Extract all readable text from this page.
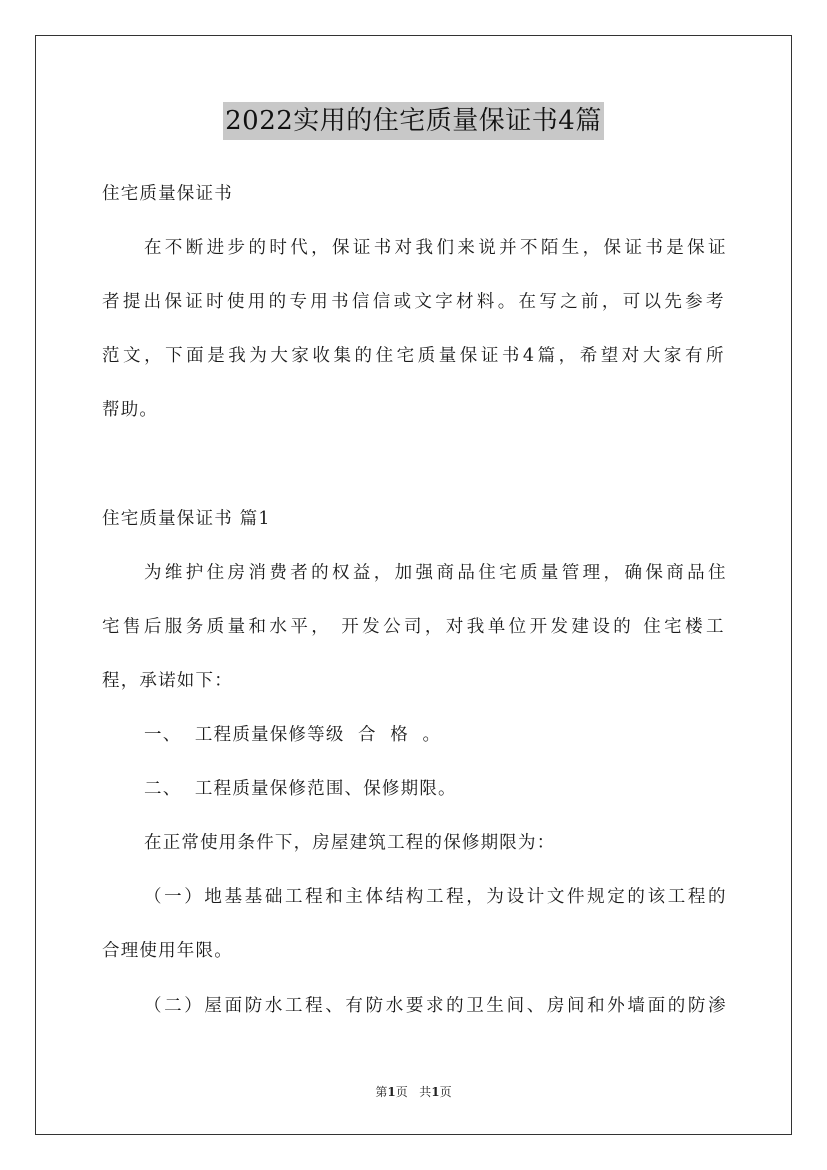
2022实用的住宅质量保证书4篇
住宅质量保证书
在不断进步的时代，保证书对我们来说并不陌生，保证书是保证
者提出保证时使用的专用书信信或文字材料。在写之前，可以先参考
范文，下面是我为大家收集的住宅质量保证书4篇，希望对大家有所
帮助。
住宅质量保证书 篇1
为维护住房消费者的权益，加强商品住宅质量管理，确保商品住
宅售后服务质量和水平， 开发公司，对我单位开发建设的 住宅楼工
程，承诺如下：
一、  工程质量保修等级  合  格  。
二、  工程质量保修范围、保修期限。
在正常使用条件下，房屋建筑工程的保修期限为：
（一）地基基础工程和主体结构工程，为设计文件规定的该工程的
合理使用年限。
（二）屋面防水工程、有防水要求的卫生间、房间和外墙面的防渗
第1页   共1页
